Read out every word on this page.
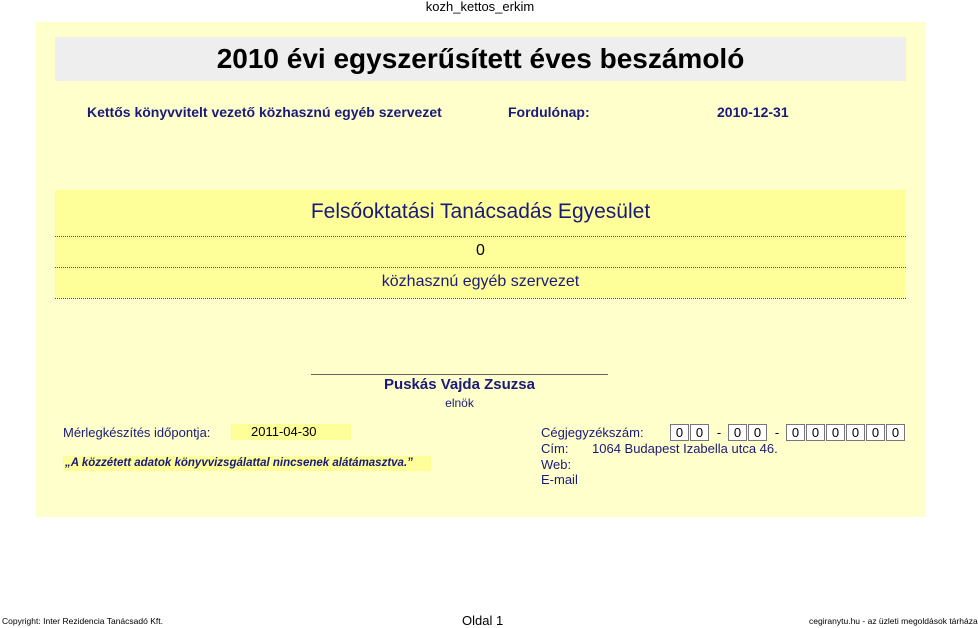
kozh_kettos_erkim
2010 évi egyszerűsített éves beszámoló
Kettős könyvvitelt vezető közhasznú egyéb szervezet	Fordulónap:	2010-12-31
Felsőoktatási Tanácsadás Egyesület
0
közhasznú egyéb szervezet
Puskás Vajda Zsuzsa
elnök
Mérlegkészítés időpontja:	2011-04-30
„A közzétett adatok könyvvizsgálattal nincsenek alátámasztva.”
Cégjegyzékszám:	0 0	- 0 0	- 0 0 0 0 0 0
Cím: 1064 Budapest Izabella utca 46.
Web:
E-mail
Copyright: Inter Rezidencia Tanácsadó Kft.	Oldal 1	cegiranytu.hu - az üzleti megoldások tárháza
